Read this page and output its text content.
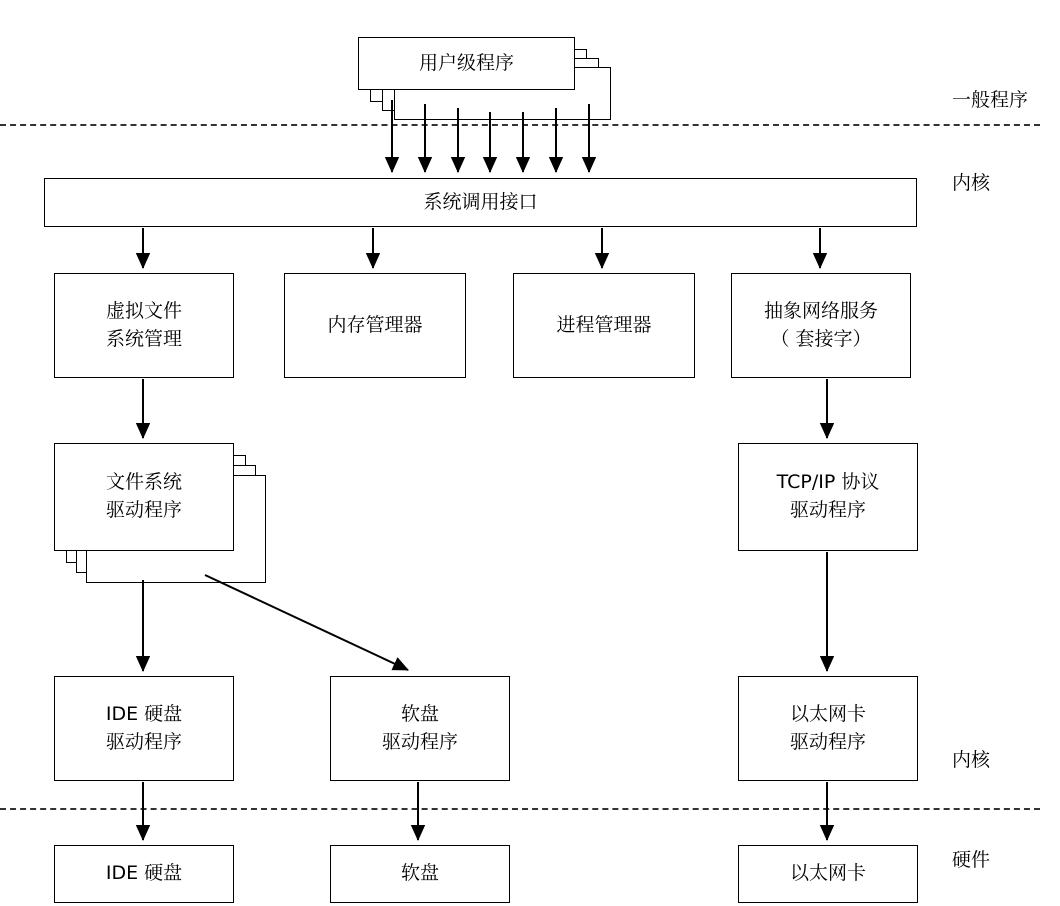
用户级程序
系统调用接口
虚拟文件
系统管理
内存管理器	进程管理器
抽象网络服务
（ 套接字）
文件系统
驱动程序
TCP/IP 协议
驱动程序
IDE 硬盘
驱动程序
软盘
驱动程序
以太网卡
驱动程序
IDE 硬盘	软盘	以太网卡
一般程序
内核
内核
硬件
